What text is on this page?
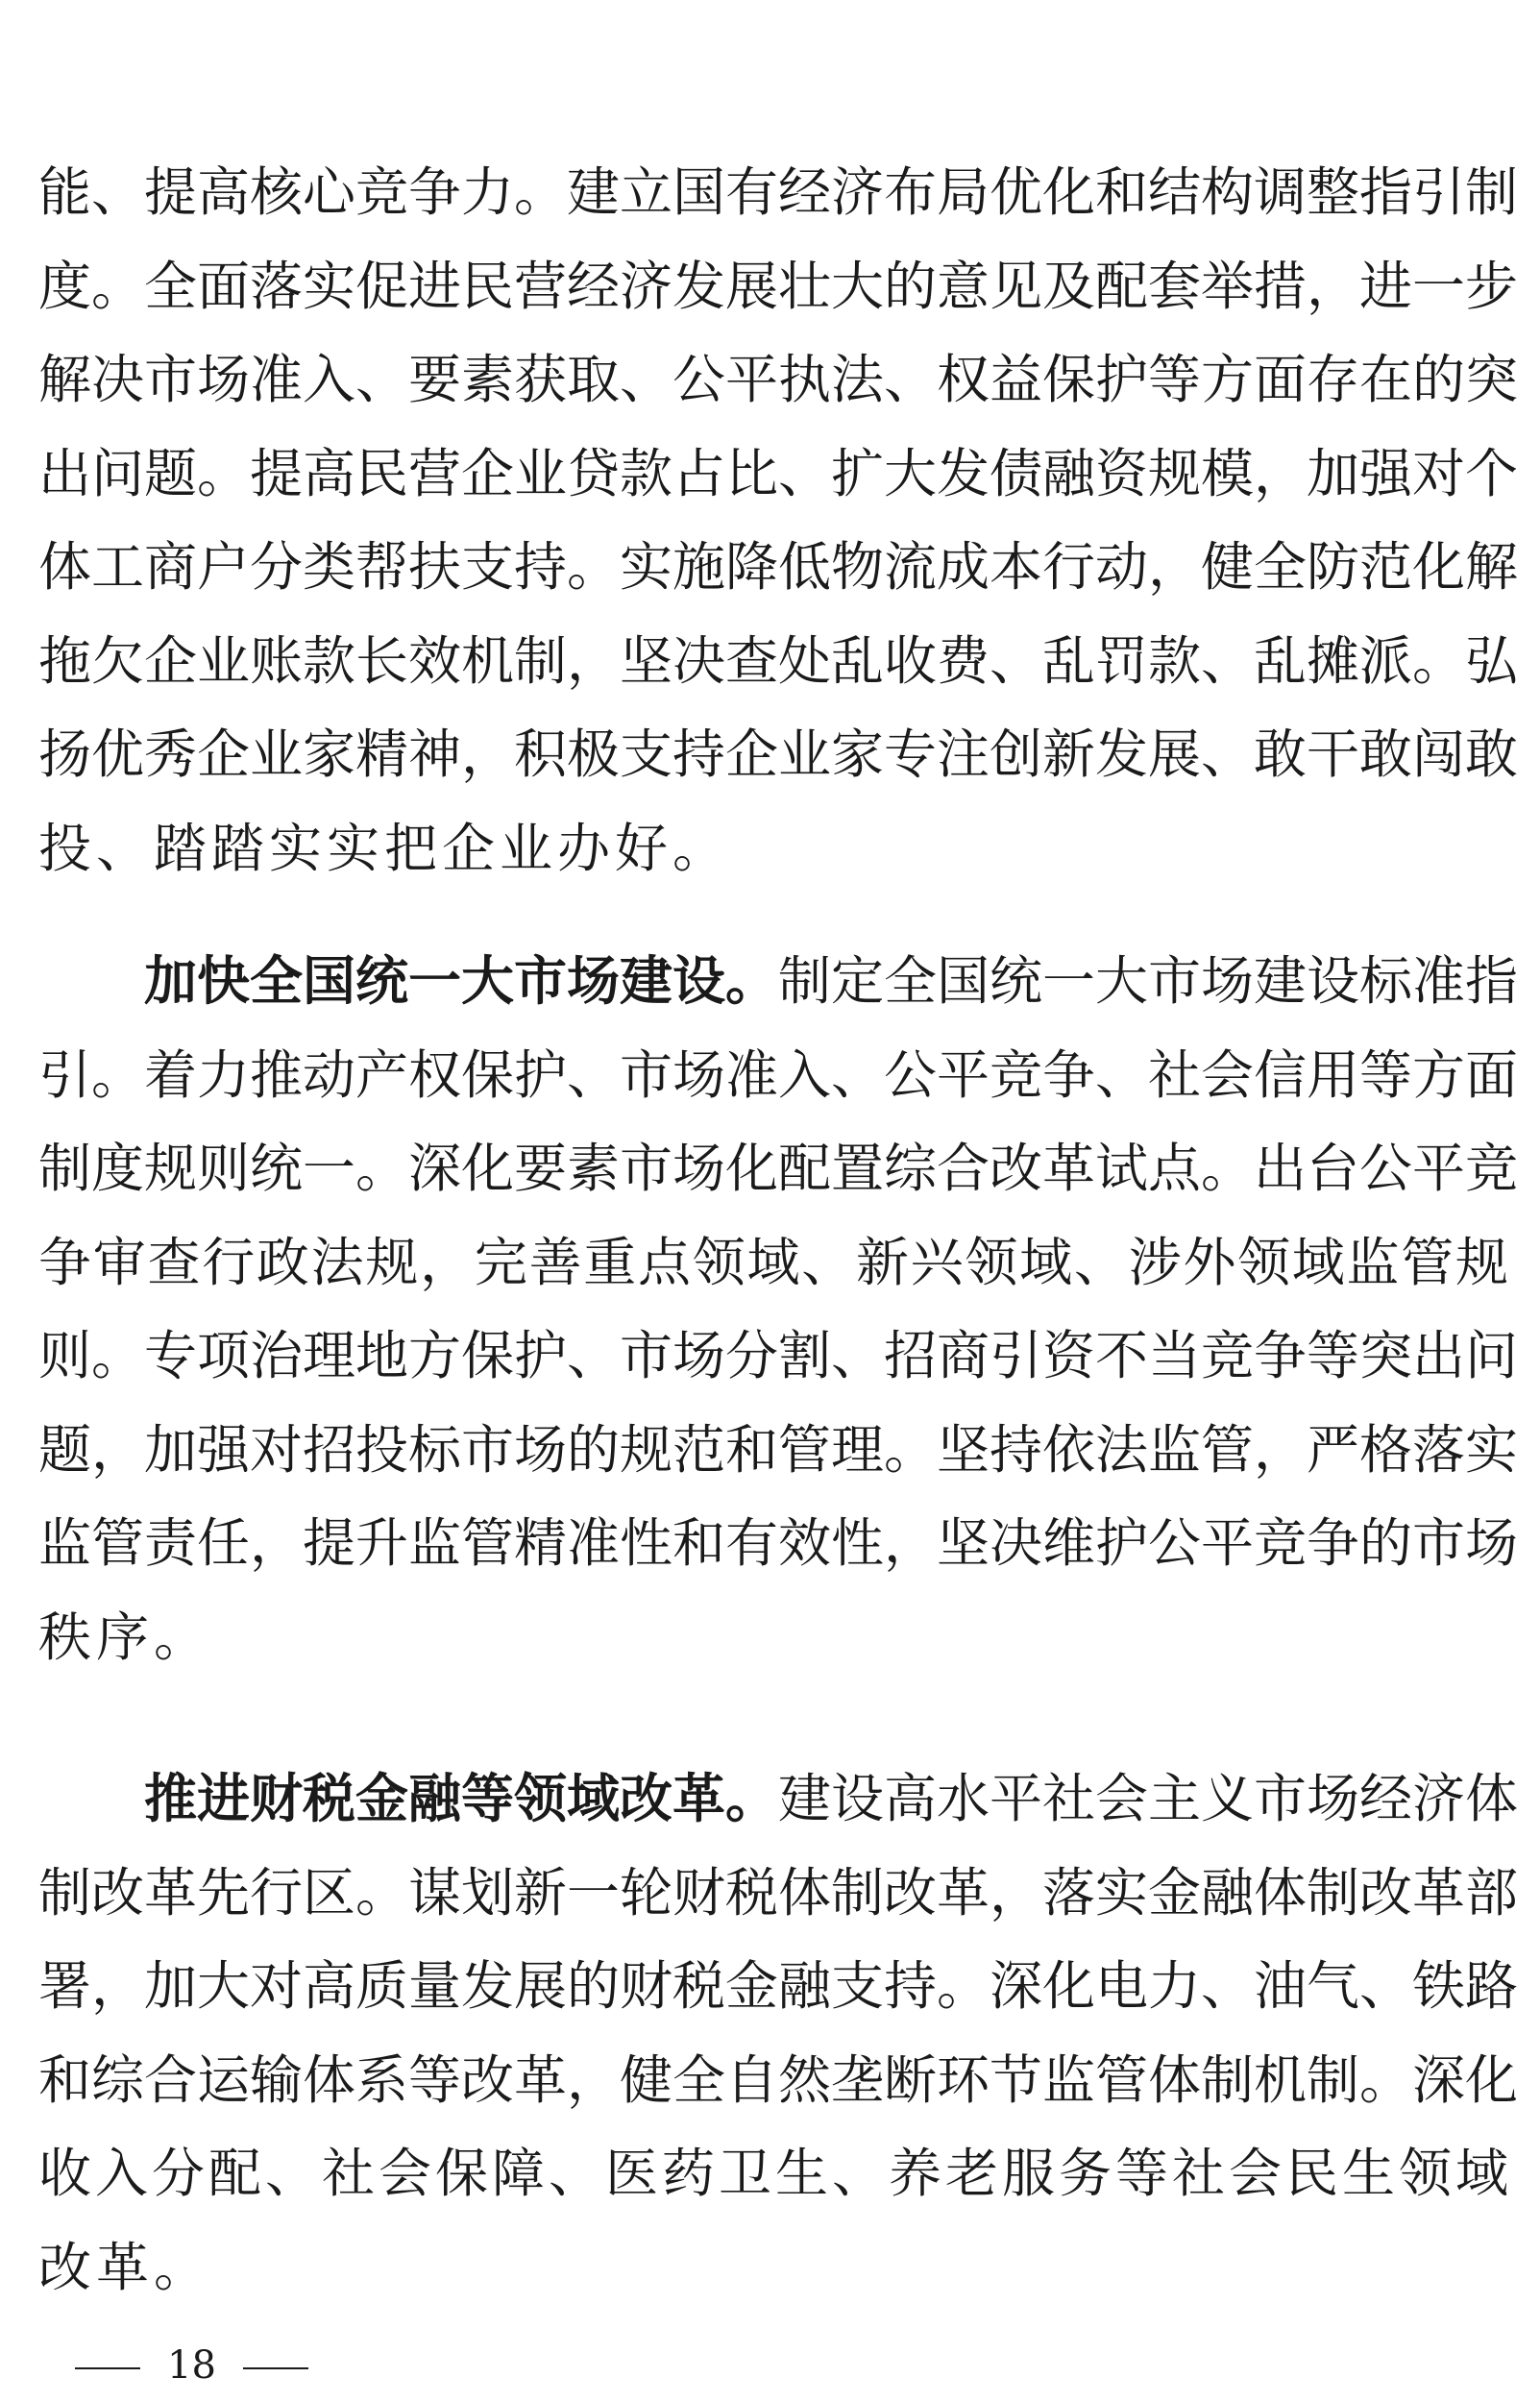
能、提高核心竞争力。建立国有经济布局优化和结构调整指引制
度。全面落实促进民营经济发展壮大的意见及配套举措，进一步
解决市场准入、要素获取、公平执法、权益保护等方面存在的突
出问题。提高民营企业贷款占比、扩大发债融资规模，加强对个
体工商户分类帮扶支持。实施降低物流成本行动，健全防范化解
拖欠企业账款长效机制，坚决查处乱收费、乱罚款、乱摊派。弘
扬优秀企业家精神，积极支持企业家专注创新发展、敢干敢闯敢
投、踏踏实实把企业办好。
加快全国统一大市场建设。制定全国统一大市场建设标准指
引。着力推动产权保护、市场准入、公平竞争、社会信用等方面
制度规则统一。深化要素市场化配置综合改革试点。出台公平竞
争审查行政法规，完善重点领域、新兴领域、涉外领域监管规
则。专项治理地方保护、市场分割、招商引资不当竞争等突出问
题，加强对招投标市场的规范和管理。坚持依法监管，严格落实
监管责任，提升监管精准性和有效性，坚决维护公平竞争的市场
秩序。
推进财税金融等领域改革。建设高水平社会主义市场经济体
制改革先行区。谋划新一轮财税体制改革，落实金融体制改革部
署，加大对高质量发展的财税金融支持。深化电力、油气、铁路
和综合运输体系等改革，健全自然垄断环节监管体制机制。深化
收入分配、社会保障、医药卫生、养老服务等社会民生领域
改革。
18
